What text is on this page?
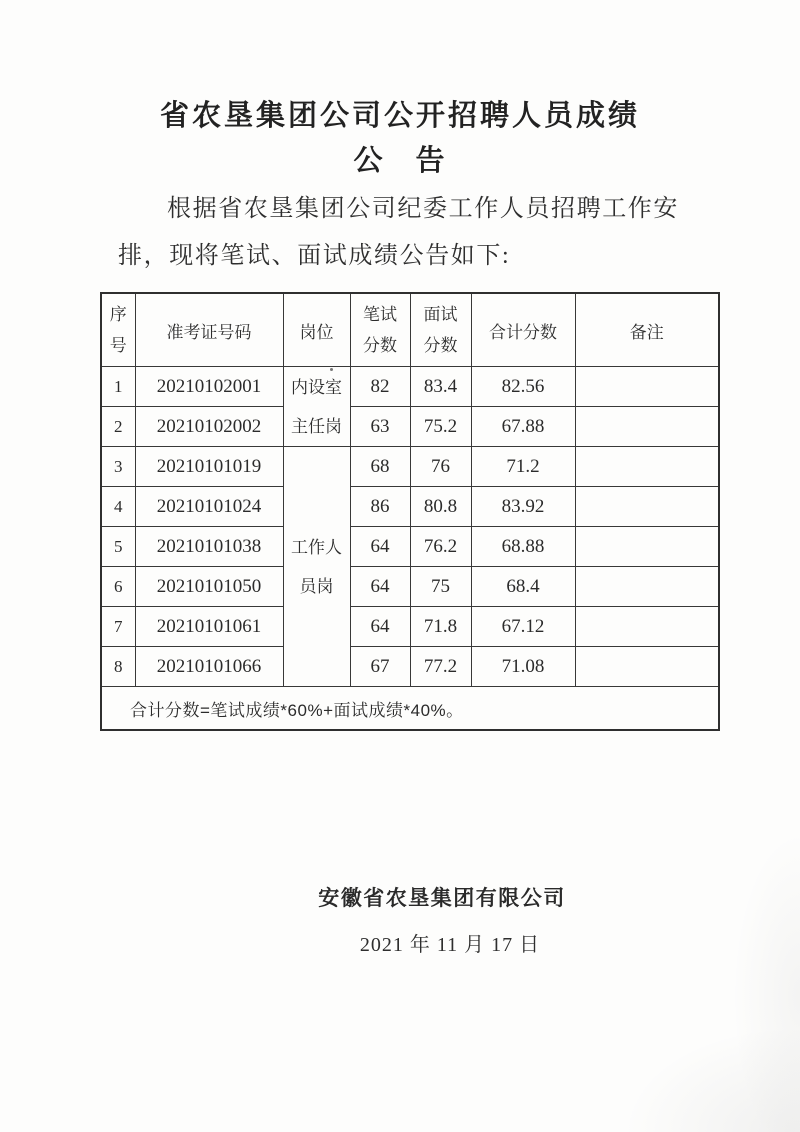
省农垦集团公司公开招聘人员成绩
公　告
根据省农垦集团公司纪委工作人员招聘工作安
排，现将笔试、面试成绩公告如下:
序号	准考证号码	岗位	笔试分数	面试分数	合计分数	备注
1	20210102001	内设室主任岗	82	83.4	82.56	
2	20210102002		63	75.2	67.88	
3	20210101019	工作人员岗	68	76	71.2	
4	20210101024		86	80.8	83.92	
5	20210101038		64	76.2	68.88	
6	20210101050		64	75	68.4	
7	20210101061		64	71.8	67.12	
8	20210101066		67	77.2	71.08	
合计分数=笔试成绩*60%+面试成绩*40%。						
安徽省农垦集团有限公司
2021 年 11 月 17 日
